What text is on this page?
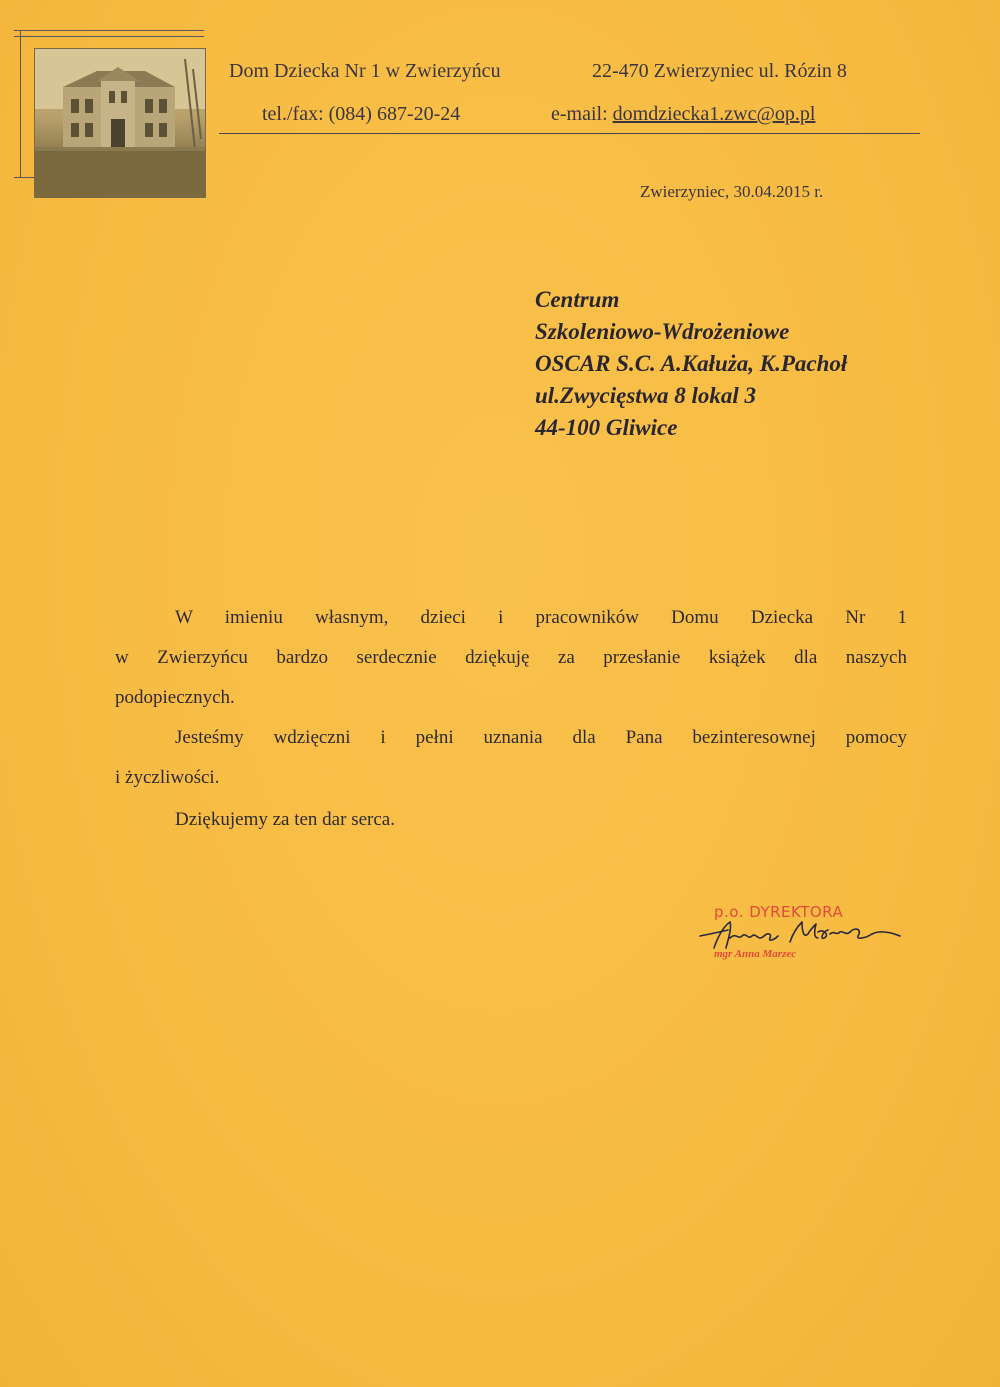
Dom Dziecka Nr 1 w Zwierzyńcu	22-470 Zwierzyniec ul. Rózin 8
tel./fax: (084) 687-20-24	e-mail: domdziecka1.zwc@op.pl
Zwierzyniec, 30.04.2015 r.
Centrum
Szkoleniowo-Wdrożeniowe
OSCAR S.C. A.Kałuża, K.Pachoł
ul.Zwycięstwa 8 lokal 3
44-100 Gliwice
W imieniu własnym, dzieci i pracowników Domu Dziecka Nr 1
w Zwierzyńcu bardzo serdecznie dziękuję za przesłanie książek dla naszych
podopiecznych.
Jesteśmy wdzięczni i pełni uznania dla Pana bezinteresownej pomocy
i życzliwości.
Dziękujemy za ten dar serca.
p.o. DYREKTORA
mgr Anna Marzec
